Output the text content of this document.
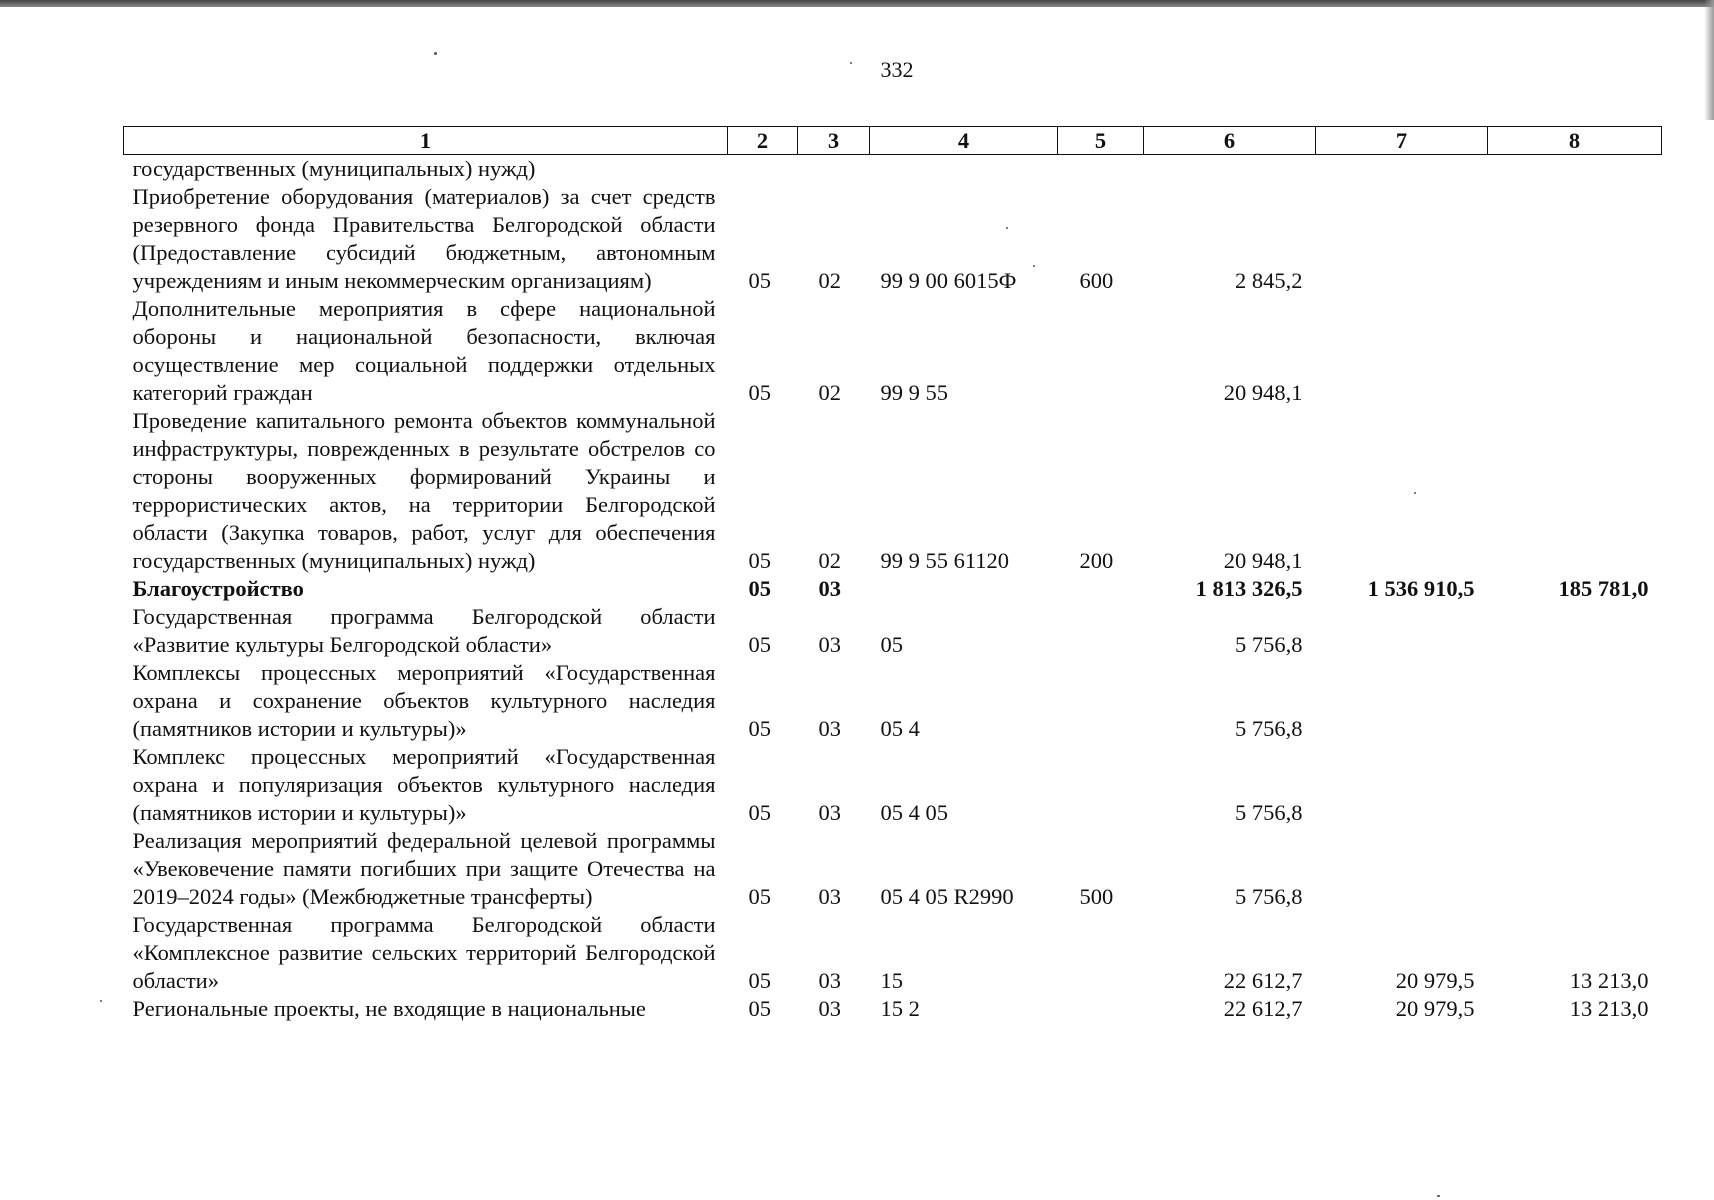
332
1	2	3	4	5	6	7	8
государственных (муниципальных) нужд)							
Приобретение оборудования (материалов) за счет средств резервного фонда Правительства Белгородской области (Предоставление субсидий бюджетным, автономным учреждениям и иным некоммерческим организациям)	05	02	99 9 00 6015Ф	600	2 845,2		
Дополнительные мероприятия в сфере национальной обороны и национальной безопасности, включая осуществление мер социальной поддержки отдельных категорий граждан	05	02	99 9 55		20 948,1		
Проведение капитального ремонта объектов коммунальной инфраструктуры, поврежденных в результате обстрелов со стороны вооруженных формирований Украины и террористических актов, на территории Белгородской области (Закупка товаров, работ, услуг для обеспечения государственных (муниципальных) нужд)	05	02	99 9 55 61120	200	20 948,1		
Благоустройство	05	03			1 813 326,5	1 536 910,5	185 781,0
Государственная программа Белгородской области «Развитие культуры Белгородской области»	05	03	05		5 756,8		
Комплексы процессных мероприятий «Государственная охрана и сохранение объектов культурного наследия (памятников истории и культуры)»	05	03	05 4		5 756,8		
Комплекс процессных мероприятий «Государственная охрана и популяризация объектов культурного наследия (памятников истории и культуры)»	05	03	05 4 05		5 756,8		
Реализация мероприятий федеральной целевой программы «Увековечение памяти погибших при защите Отечества на 2019–2024 годы» (Межбюджетные трансферты)	05	03	05 4 05 R2990	500	5 756,8		
Государственная программа Белгородской области «Комплексное развитие сельских территорий Белгородской области»	05	03	15		22 612,7	20 979,5	13 213,0
Региональные проекты, не входящие в национальные	05	03	15 2		22 612,7	20 979,5	13 213,0
